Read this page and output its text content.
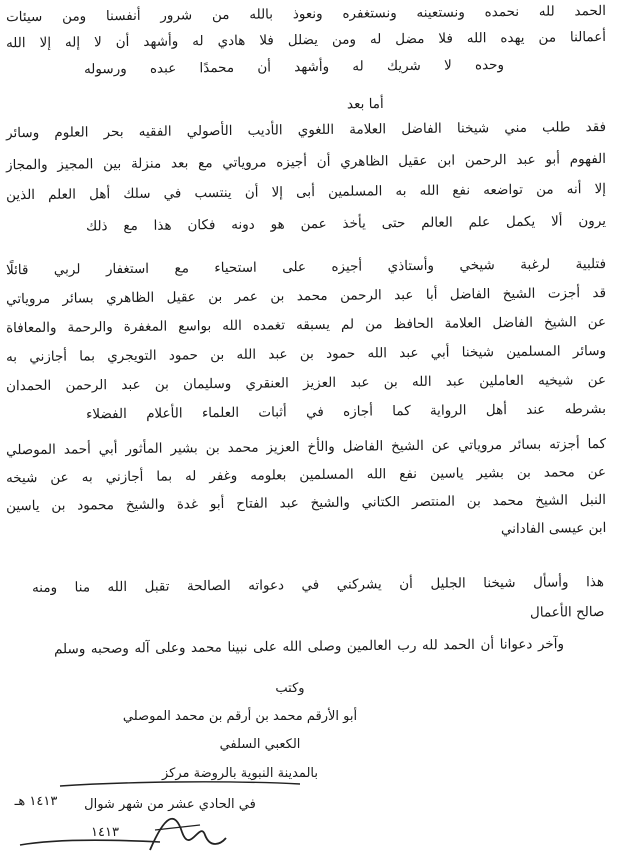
الحمد لله نحمده ونستعينه ونستغفره ونعوذ بالله من شرور أنفسنا ومن سيئات
أعمالنا من يهده الله فلا مضل له ومن يضلل فلا هادي له وأشهد أن لا إله إلا الله
وحده لا شريك له وأشهد أن محمدًا عبده ورسوله
أما بعد
فقد طلب مني شيخنا الفاضل العلامة اللغوي الأديب الأصولي الفقيه بحر العلوم وسائر
الفهوم أبو عبد الرحمن ابن عقيل الظاهري أن أجيزه مروياتي مع بعد منزلة بين المجيز والمجاز
إلا أنه من تواضعه نفع الله به المسلمين أبى إلا أن ينتسب في سلك أهل العلم الذين
يرون ألا يكمل علم العالم حتى يأخذ عمن هو دونه فكان هذا مع ذلك
فتلبية لرغبة شيخي وأستاذي أجيزه على استحياء مع استغفار لربي قائلًا
قد أجزت الشيخ الفاضل أبا عبد الرحمن محمد بن عمر بن عقيل الظاهري بسائر مروياتي
عن الشيخ الفاضل العلامة الحافظ من لم يسبقه تغمده الله بواسع المغفرة والرحمة والمعافاة
وسائر المسلمين شيخنا أبي عبد الله حمود بن عبد الله بن حمود التويجري بما أجازني به
عن شيخيه العاملين عبد الله بن عبد العزيز العنقري وسليمان بن عبد الرحمن الحمدان
بشرطه عند أهل الرواية كما أجازه في أثبات العلماء الأعلام الفضلاء
كما أجزته بسائر مروياتي عن الشيخ الفاضل والأخ العزيز محمد بن بشير المأثور أبي أحمد الموصلي
عن محمد بن بشير ياسين نفع الله المسلمين بعلومه وغفر له بما أجازني به عن شيخه
النبل الشيخ محمد بن المنتصر الكتاني والشيخ عبد الفتاح أبو غدة والشيخ محمود بن ياسين
ابن عيسى الفاداني
هذا وأسأل شيخنا الجليل أن يشركني في دعواته الصالحة تقبل الله منا ومنه
صالح الأعمال
وآخر دعوانا أن الحمد لله رب العالمين وصلى الله على نبينا محمد وعلى آله وصحبه وسلم
وكتب
أبو الأرقم محمد بن أرقم بن محمد الموصلي
الكعبي السلفي
بالمدينة النبوية بالروضة مركز
في الحادي عشر من شهر شوال
١٤١٣ هـ
١٤١٣
